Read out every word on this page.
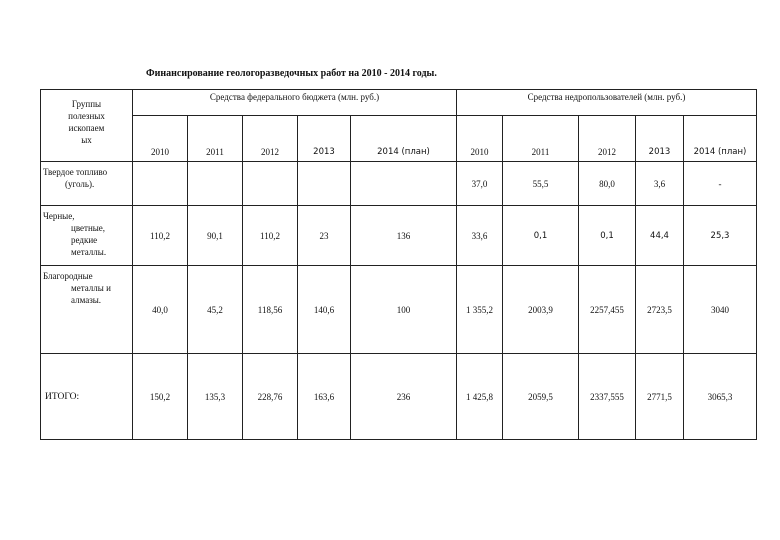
Финансирование геологоразведочных работ на 2010 - 2014 годы.
Группы
полезных
ископаем
ых	Средства федерального бюджета (млн. руб.)					Средства недропользователей (млн. руб.)				
	2010	2011	2012	2013	2014 (план)	2010	2011	2012	2013	2014 (план)
Твердое топливо
(уголь).						37,0	55,5	80,0	3,6	-
Черные,
цветные,
редкие
металлы.	110,2	90,1	110,2	23	136	33,6	0,1	0,1	44,4	25,3
Благородные
металлы и
алмазы.	40,0	45,2	118,56	140,6	100	1 355,2	2003,9	2257,455	2723,5	3040
ИТОГО:	150,2	135,3	228,76	163,6	236	1 425,8	2059,5	2337,555	2771,5	3065,3
